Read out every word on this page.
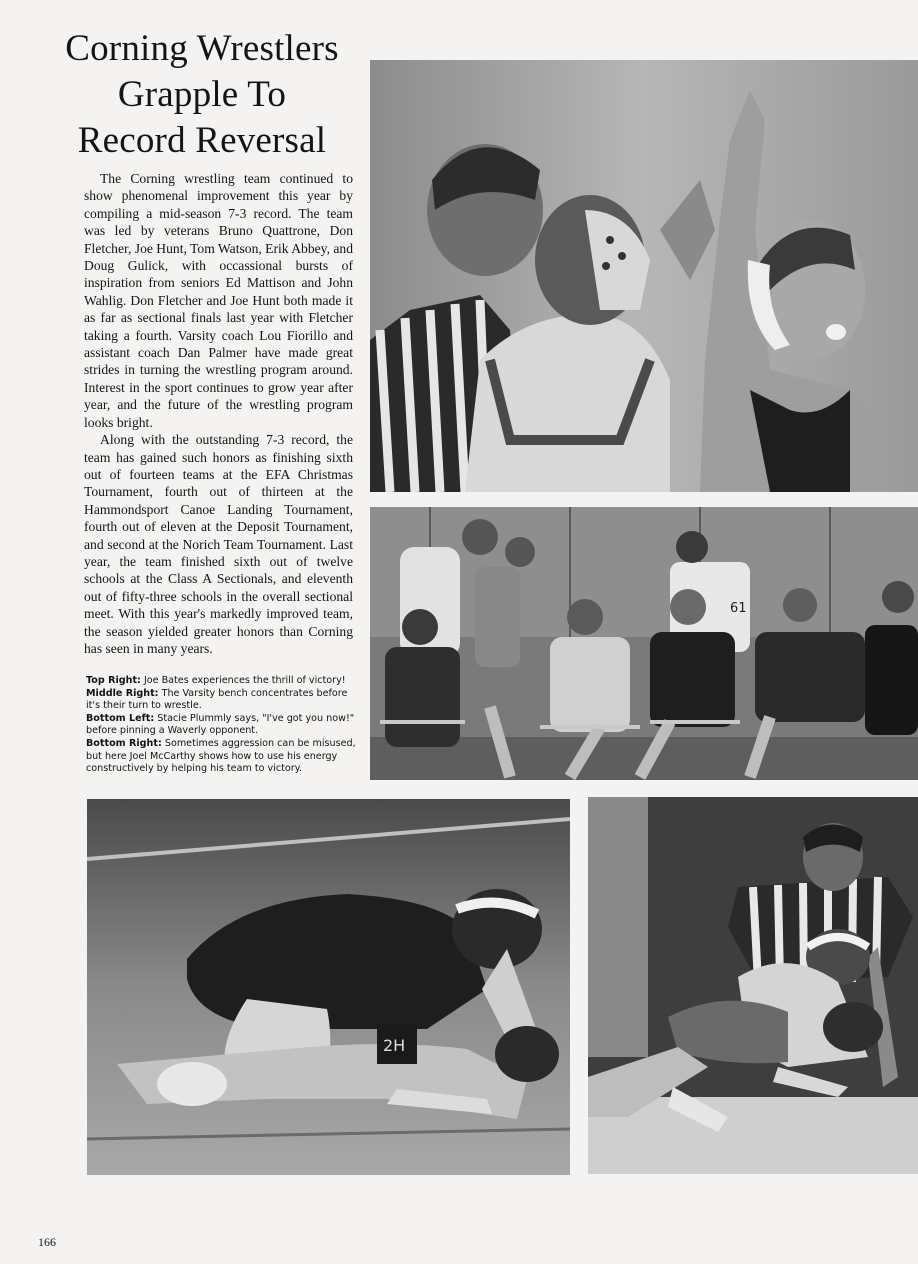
Corning Wrestlers
Grapple To
Record Reversal

The Corning wrestling team continued to show phenomenal improvement this year by compiling a mid-season 7-3 record. The team was led by veterans Bruno Quattrone, Don Fletcher, Joe Hunt, Tom Watson, Erik Abbey, and Doug Gulick, with occassional bursts of inspiration from seniors Ed Mattison and John Wahlig. Don Fletcher and Joe Hunt both made it as far as sectional finals last year with Fletcher taking a fourth. Varsity coach Lou Fiorillo and assistant coach Dan Palmer have made great strides in turning the wrestling program around. Interest in the sport continues to grow year after year, and the future of the wrestling program looks bright.

Along with the outstanding 7-3 record, the team has gained such honors as finishing sixth out of fourteen teams at the EFA Christmas Tournament, fourth out of thirteen at the Hammondsport Canoe Landing Tournament, fourth out of eleven at the Deposit Tournament, and second at the Norich Team Tournament. Last year, the team finished sixth out of twelve schools at the Class A Sectionals, and eleventh out of fifty-three schools in the overall sectional meet. With this year's markedly improved team, the season yielded greater honors than Corning has seen in many years.

Top Right: Joe Bates experiences the thrill of victory!

Middle Right: The Varsity bench concentrates before it's their turn to wrestle.

Bottom Left: Stacie Plummly says, "I've got you now!" before pinning a Waverly opponent.

Bottom Right: Sometimes aggression can be misused, but here Joel McCarthy shows how to use his energy constructively by helping his team to victory.

61
2H
166
